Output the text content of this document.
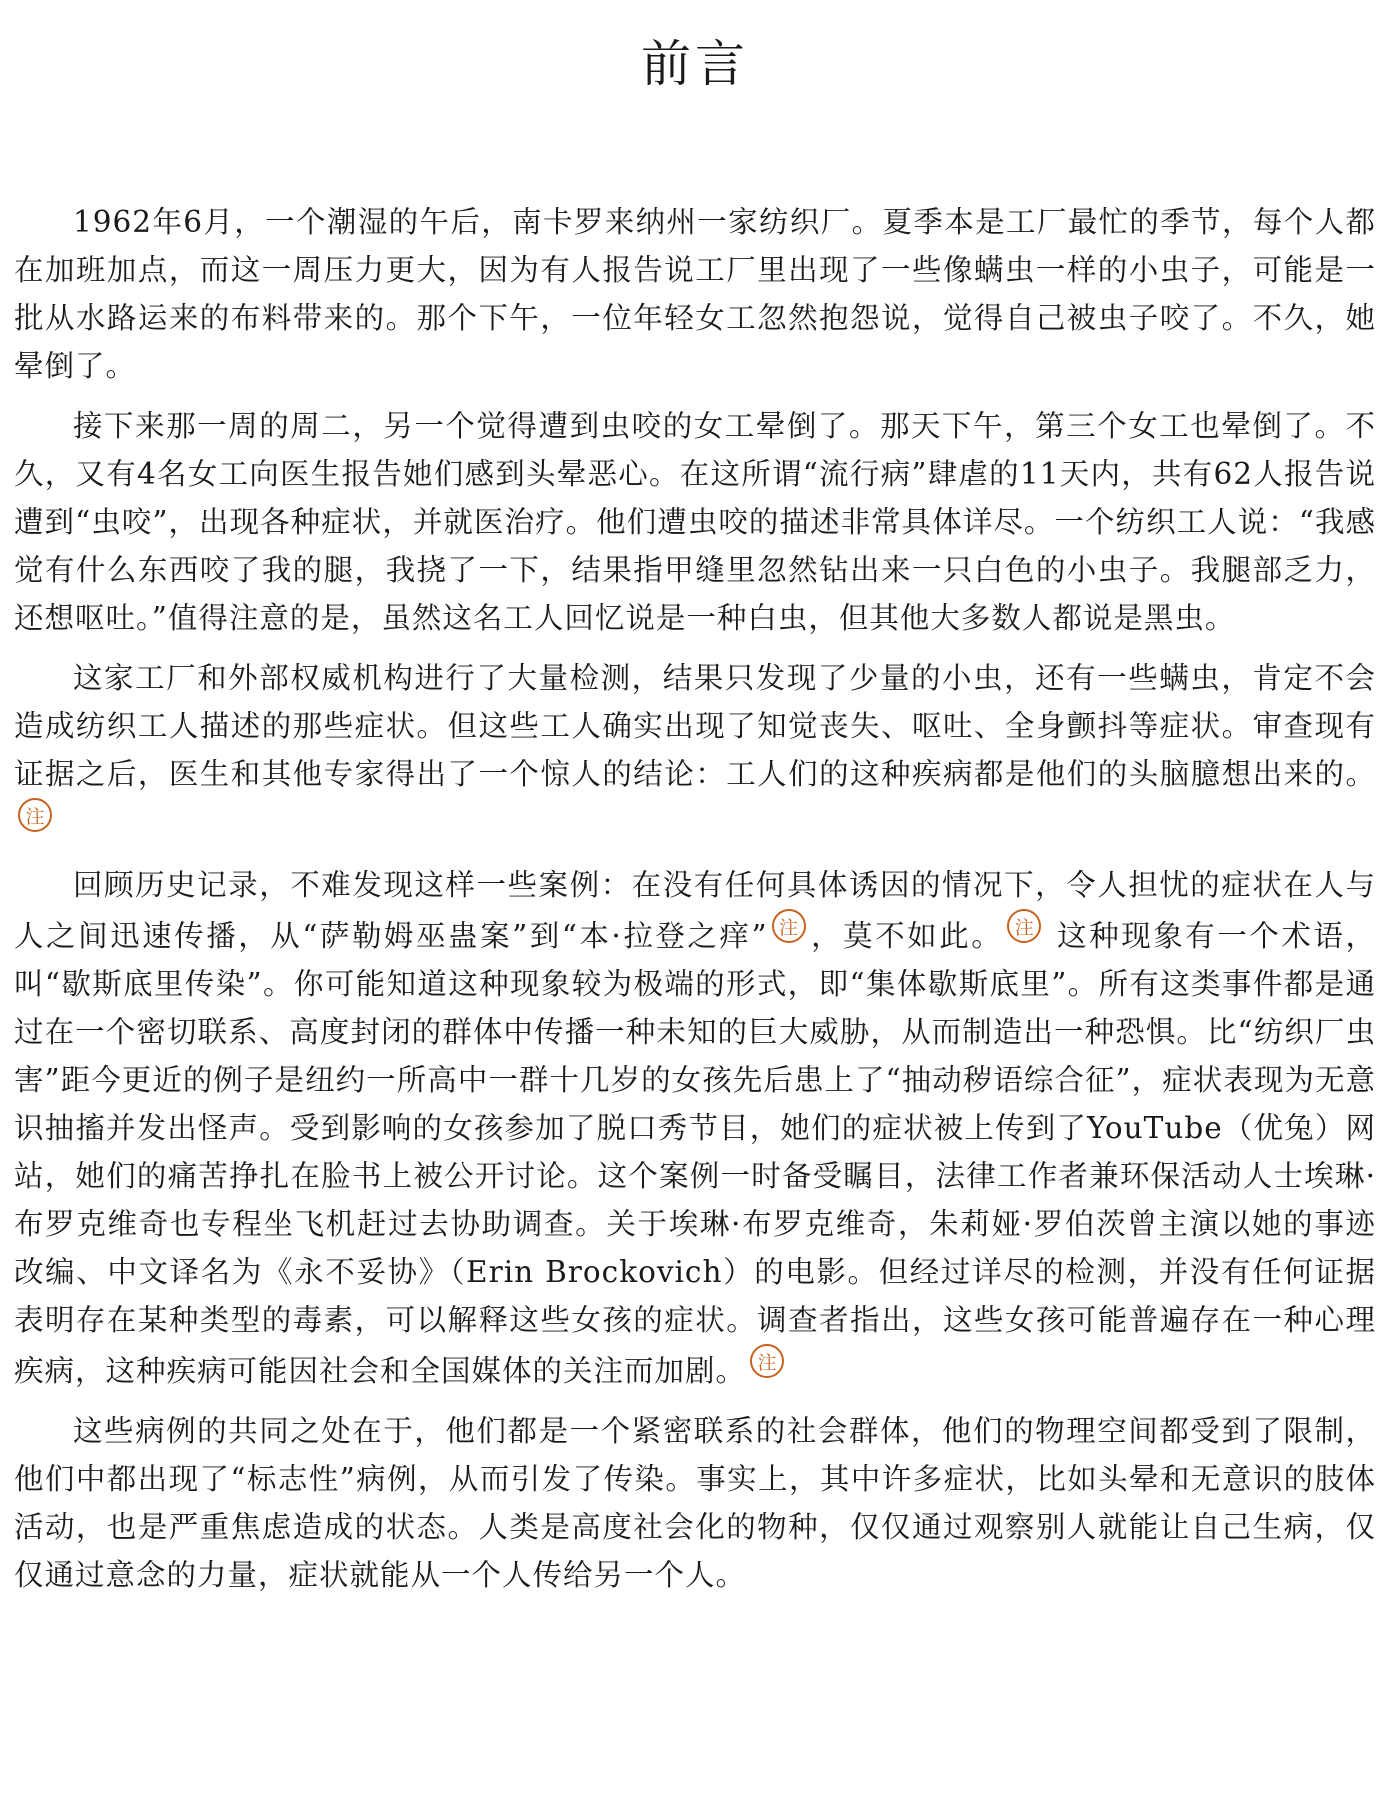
前言

1962年6月，一个潮湿的午后，南卡罗来纳州一家纺织厂。夏季本是工厂最忙的季节，每个人都在加班加点，而这一周压力更大，因为有人报告说工厂里出现了一些像螨虫一样的小虫子，可能是一批从水路运来的布料带来的。那个下午，一位年轻女工忽然抱怨说，觉得自己被虫子咬了。不久，她晕倒了。

接下来那一周的周二，另一个觉得遭到虫咬的女工晕倒了。那天下午，第三个女工也晕倒了。不久，又有4名女工向医生报告她们感到头晕恶心。在这所谓“流行病”肆虐的11天内，共有62人报告说遭到“虫咬”，出现各种症状，并就医治疗。他们遭虫咬的描述非常具体详尽。一个纺织工人说：“我感觉有什么东西咬了我的腿，我挠了一下，结果指甲缝里忽然钻出来一只白色的小虫子。我腿部乏力，还想呕吐。”值得注意的是，虽然这名工人回忆说是一种白虫，但其他大多数人都说是黑虫。

这家工厂和外部权威机构进行了大量检测，结果只发现了少量的小虫，还有一些螨虫，肯定不会造成纺织工人描述的那些症状。但这些工人确实出现了知觉丧失、呕吐、全身颤抖等症状。审查现有证据之后，医生和其他专家得出了一个惊人的结论：工人们的这种疾病都是他们的头脑臆想出来的。注

回顾历史记录，不难发现这样一些案例：在没有任何具体诱因的情况下，令人担忧的症状在人与人之间迅速传播，从“萨勒姆巫蛊案”到“本·拉登之痒” 注 ，莫不如此。 注 这种现象有一个术语，叫“歇斯底里传染”。你可能知道这种现象较为极端的形式，即“集体歇斯底里”。所有这类事件都是通过在一个密切联系、高度封闭的群体中传播一种未知的巨大威胁，从而制造出一种恐惧。比“纺织厂虫害”距今更近的例子是纽约一所高中一群十几岁的女孩先后患上了“抽动秽语综合征”，症状表现为无意识抽搐并发出怪声。受到影响的女孩参加了脱口秀节目，她们的症状被上传到了YouTube（优兔）网站，她们的痛苦挣扎在脸书上被公开讨论。这个案例一时备受瞩目，法律工作者兼环保活动人士埃琳·布罗克维奇也专程坐飞机赶过去协助调查。关于埃琳·布罗克维奇，朱莉娅·罗伯茨曾主演以她的事迹改编、中文译名为《永不妥协》（Erin Brockovich）的电影。但经过详尽的检测，并没有任何证据表明存在某种类型的毒素，可以解释这些女孩的症状。调查者指出，这些女孩可能普遍存在一种心理疾病，这种疾病可能因社会和全国媒体的关注而加剧。 注

这些病例的共同之处在于，他们都是一个紧密联系的社会群体，他们的物理空间都受到了限制，他们中都出现了“标志性”病例，从而引发了传染。事实上，其中许多症状，比如头晕和无意识的肢体活动，也是严重焦虑造成的状态。人类是高度社会化的物种，仅仅通过观察别人就能让自己生病，仅仅通过意念的力量，症状就能从一个人传给另一个人。
